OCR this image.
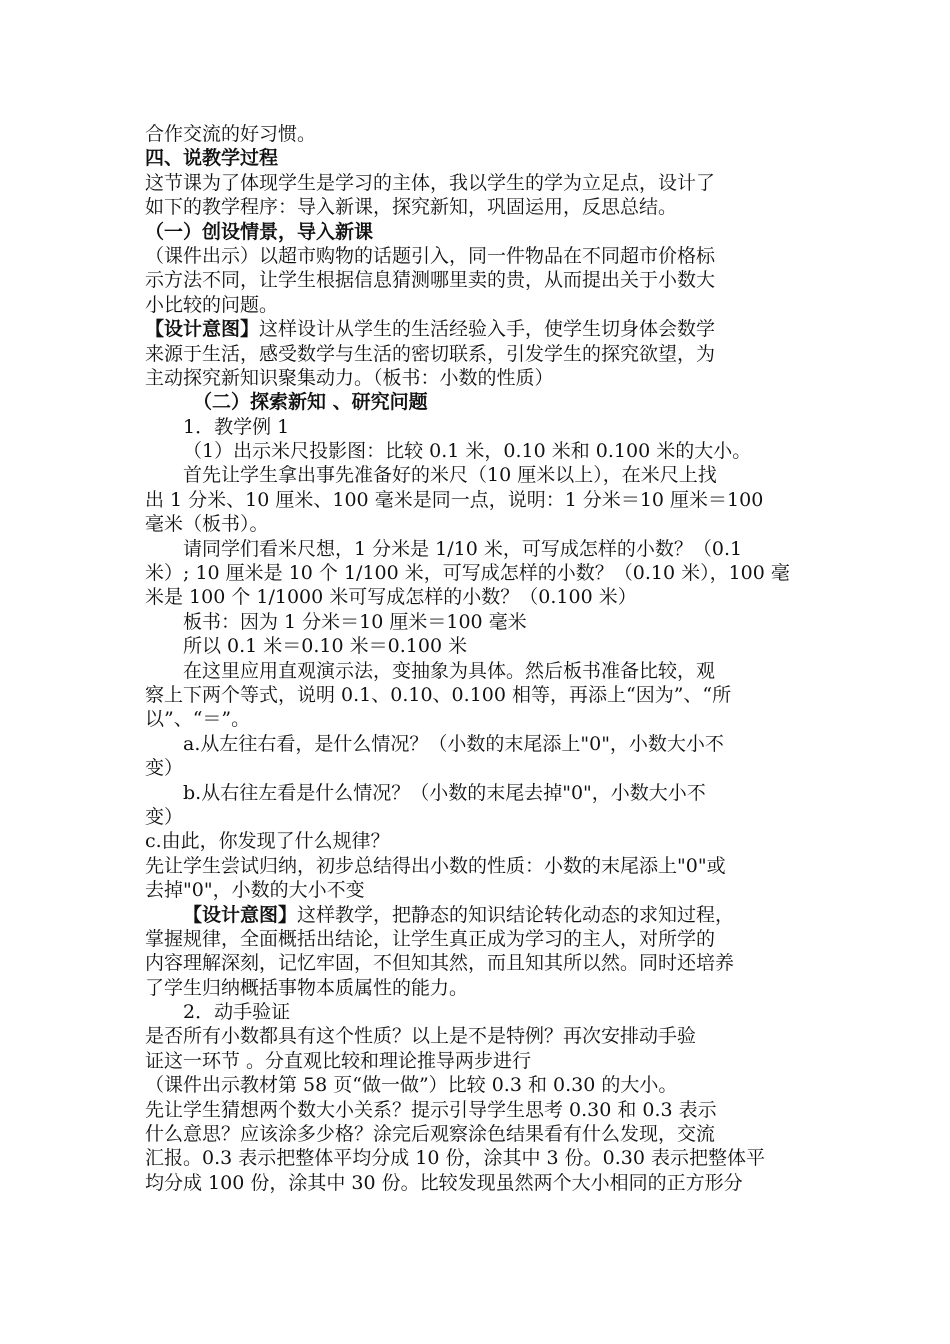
合作交流的好习惯。
四、说教学过程
这节课为了体现学生是学习的主体，我以学生的学为立足点，设计了
如下的教学程序：导入新课，探究新知，巩固运用，反思总结。
（一）创设情景，导入新课
（课件出示）以超市购物的话题引入，同一件物品在不同超市价格标
示方法不同，让学生根据信息猜测哪里卖的贵，从而提出关于小数大
小比较的问题。
【设计意图】这样设计从学生的生活经验入手，使学生切身体会数学
来源于生活，感受数学与生活的密切联系，引发学生的探究欲望，为
主动探究新知识聚集动力。（板书：小数的性质）
（二）探索新知 、研究问题
1．教学例 1
（1）出示米尺投影图：比较 0.1 米，0.10 米和 0.100 米的大小。
首先让学生拿出事先准备好的米尺（10 厘米以上），在米尺上找
出 1 分米、10 厘米、100 毫米是同一点，说明：1 分米＝10 厘米＝100
毫米（板书）。
请同学们看米尺想，1 分米是 1/10 米，可写成怎样的小数？（0.1
米）; 10 厘米是 10 个 1/100 米，可写成怎样的小数？（0.10 米），100 毫
米是 100 个 1/1000 米可写成怎样的小数？（0.100 米）
板书：因为 1 分米＝10 厘米＝100 毫米
所以 0.1 米＝0.10 米＝0.100 米
在这里应用直观演示法，变抽象为具体。然后板书准备比较，观
察上下两个等式，说明 0.1、0.10、0.100 相等，再添上“因为”、“所
以”、“＝”。
a.从左往右看，是什么情况？（小数的末尾添上"0"，小数大小不
变）
b.从右往左看是什么情况？（小数的末尾去掉"0"，小数大小不
变）
c.由此，你发现了什么规律？
先让学生尝试归纳，初步总结得出小数的性质：小数的末尾添上"0"或
去掉"0"，小数的大小不变
【设计意图】这样教学，把静态的知识结论转化动态的求知过程，
掌握规律，全面概括出结论，让学生真正成为学习的主人，对所学的
内容理解深刻，记忆牢固，不但知其然，而且知其所以然。同时还培养
了学生归纳概括事物本质属性的能力。
2．动手验证
是否所有小数都具有这个性质？以上是不是特例？再次安排动手验
证这一环节 。分直观比较和理论推导两步进行
（课件出示教材第 58 页“做一做”）比较 0.3 和 0.30 的大小。
先让学生猜想两个数大小关系？提示引导学生思考 0.30 和 0.3 表示
什么意思？应该涂多少格？涂完后观察涂色结果看有什么发现，交流
汇报。0.3 表示把整体平均分成 10 份，涂其中 3 份。0.30 表示把整体平
均分成 100 份，涂其中 30 份。比较发现虽然两个大小相同的正方形分
